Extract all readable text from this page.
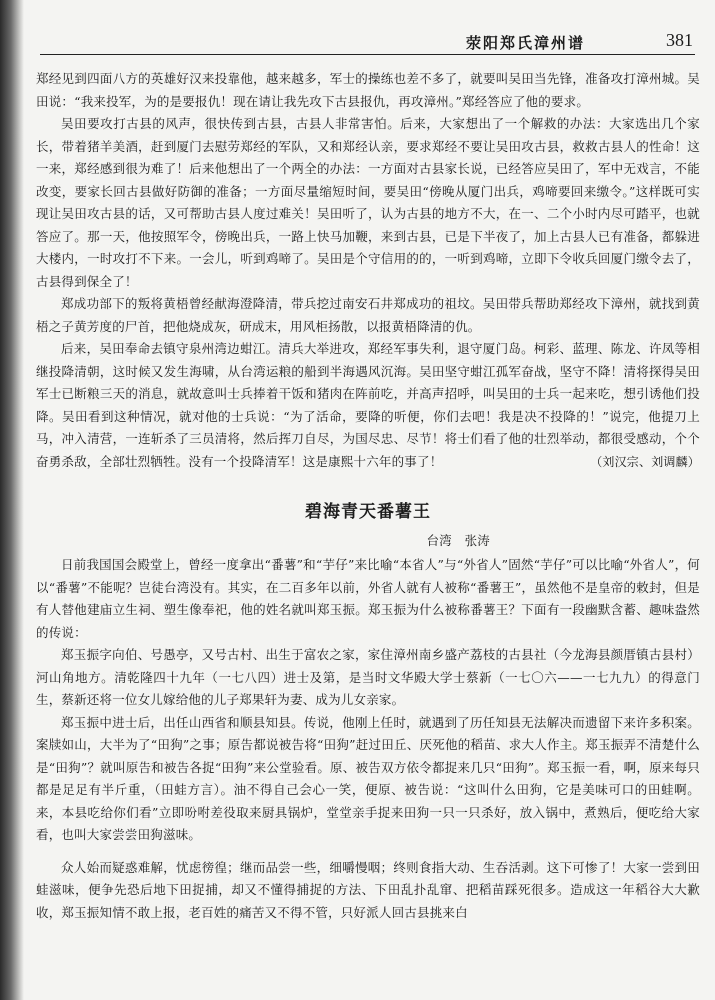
荥阳郑氏漳州谱	381

郑经见到四面八方的英雄好汉来投靠他，越来越多，军士的操练也差不多了，就要叫吴田当先锋，准备攻打漳州城。吴田说：“我来投军，为的是要报仇！现在请让我先攻下古县报仇，再攻漳州。”郑经答应了他的要求。

吴田要攻打古县的风声，很快传到古县，古县人非常害怕。后来，大家想出了一个解救的办法：大家选出几个家长，带着猪羊美酒，赶到厦门去慰劳郑经的军队，又和郑经认亲，要求郑经不要让吴田攻古县，救救古县人的性命！这一来，郑经感到很为难了！后来他想出了一个两全的办法：一方面对古县家长说，已经答应吴田了，军中无戏言，不能改变，要家长回古县做好防御的准备；一方面尽量缩短时间，要吴田“傍晚从厦门出兵，鸡啼要回来缴令。”这样既可实现让吴田攻古县的话，又可帮助古县人度过难关！吴田听了，认为古县的地方不大，在一、二个小时内尽可踏平，也就答应了。那一天，他按照军令，傍晚出兵，一路上快马加鞭，来到古县，已是下半夜了，加上古县人已有准备，都躲进大楼内，一时攻打不下来。一会儿，听到鸡啼了。吴田是个守信用的的，一听到鸡啼，立即下令收兵回厦门缴令去了，古县得到保全了！

郑成功部下的叛将黄梧曾经献海澄降清，带兵挖过南安石井郑成功的祖坟。吴田带兵帮助郑经攻下漳州，就找到黄梧之子黄芳度的尸首，把他烧成灰，研成末，用风柜扬散，以报黄梧降清的仇。

后来，吴田奉命去镇守泉州湾边蚶江。清兵大举进攻，郑经军事失利，退守厦门岛。柯彩、蓝理、陈龙、许凤等相继投降清朝，这时候又发生海啸，从台湾运粮的船到半海遇风沉海。吴田坚守蚶江孤军奋战，坚守不降！清将探得吴田军士已断粮三天的消息，就故意叫士兵捧着干饭和猪肉在阵前吃，并高声招呼，叫吴田的士兵一起来吃，想引诱他们投降。吴田看到这种情况，就对他的士兵说：“为了活命，要降的听便，你们去吧！我是决不投降的！”说完，他提刀上马，冲入清营，一连斩杀了三员清将，然后挥刀自尽，为国尽忠、尽节！将士们看了他的壮烈举动，都很受感动，个个奋勇杀敌，全部壮烈牺牲。没有一个投降清军！这是康熙十六年的事了！	（刘汉宗、刘调麟）
碧海青天番薯王
台湾　张涛

日前我国国会殿堂上，曾经一度拿出“番薯”和“芋仔”来比喻“本省人”与“外省人”固然“芋仔”可以比喻“外省人”，何以“番薯”不能呢？岂徒台湾没有。其实，在二百多年以前，外省人就有人被称“番薯王”，虽然他不是皇帝的敕封，但是有人替他建庙立生祠、塑生像奉祀，他的姓名就叫郑玉振。郑玉振为什么被称番薯王？下面有一段幽默含蓄、趣味盎然的传说：

郑玉振字向伯、号愚亭，又号古村、出生于富农之家，家住漳州南乡盛产荔枝的古县社（今龙海县颜厝镇古县村）河山角地方。清乾隆四十九年（一七八四）进士及第，是当时文华殿大学士蔡新（一七〇六——一七九九）的得意门生，蔡新还将一位女儿嫁给他的儿子郑果轩为妻、成为儿女亲家。

郑玉振中进士后，出任山西省和顺县知县。传说，他刚上任时，就遇到了历任知县无法解决而遗留下来许多积案。案牍如山，大半为了“田狗”之事；原告都说被告将“田狗”赶过田丘、厌死他的稻苗、求大人作主。郑玉振弄不清楚什么是“田狗”？就叫原告和被告各捉“田狗”来公堂验看。原、被告双方依令都捉来几只“田狗”。郑玉振一看，啊，原来每只都是足足有半斤重，（田蛙方言）。油不得自己会心一笑，便原、被告说：“这叫什么田狗，它是美味可口的田蛙啊。来，本县吃给你们看”立即吩咐差役取来厨具锅炉，堂堂亲手捉来田狗一只一只杀好，放入锅中，煮熟后，便吃给大家看，也叫大家尝尝田狗滋味。

众人始而疑惑难解，忧虑徬徨；继而品尝一些，细嚼慢咽；终则食指大动、生吞活剥。这下可惨了！大家一尝到田蛙滋味，便争先恐后地下田捉捕，却又不懂得捕捉的方法、下田乱扑乱窜、把稻苗踩死很多。造成这一年稻谷大大歉收，郑玉振知情不敢上报，老百姓的痛苦又不得不管，只好派人回古县挑来白
